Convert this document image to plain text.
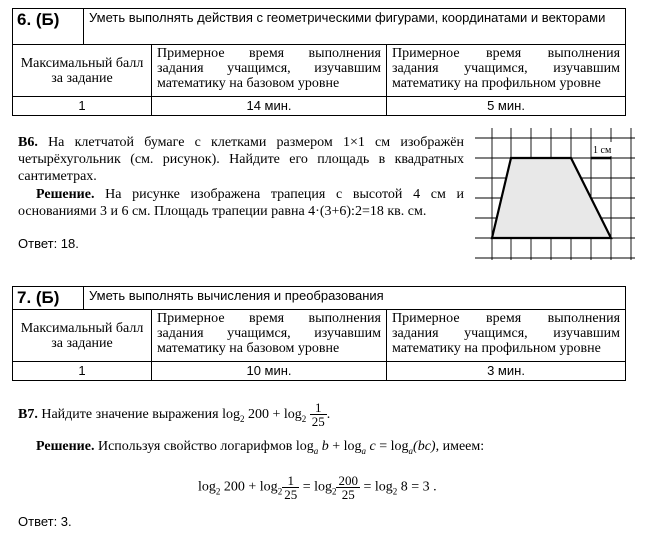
6. (Б)	Уметь выполнять действия с геометрическими фигурами, координатами и векторами		
Максимальный балл за задание		Примерное время выполнения задания учащимся, изучавшим математику на базовом уровне	Примерное время выполнения задания учащимся, изучавшим математику на профильном уровне
1		14 мин.	5 мин.
В6. На клетчатой бумаге с клетками размером 1×1 см изображён четырёхугольник (см. рисунок). Найдите его площадь в квадратных сантиметрах.
Решение. На рисунке изображена трапеция с высотой 4 см и основаниями 3 и 6 см. Площадь трапеции равна 4·(3+6):2=18 кв. см.
Ответ: 18.
1 см
7. (Б)	Уметь выполнять вычисления и преобразования		
Максимальный балл за задание		Примерное время выполнения задания учащимся, изучавшим математику на базовом уровне	Примерное время выполнения задания учащимся, изучавшим математику на профильном уровне
1		10 мин.	3 мин.
В7. Найдите значение выражения $\log_2 200 + \log_2 \frac{1}{25}$ .
Решение. Используя свойство логарифмов $\log_a b + \log_a c = \log_a(bc)$, имеем:
$\log_2 200 + \log_2 \frac{1}{25} = \log_2 \frac{200}{25} = \log_2 8 = 3$ .
Ответ: 3.
